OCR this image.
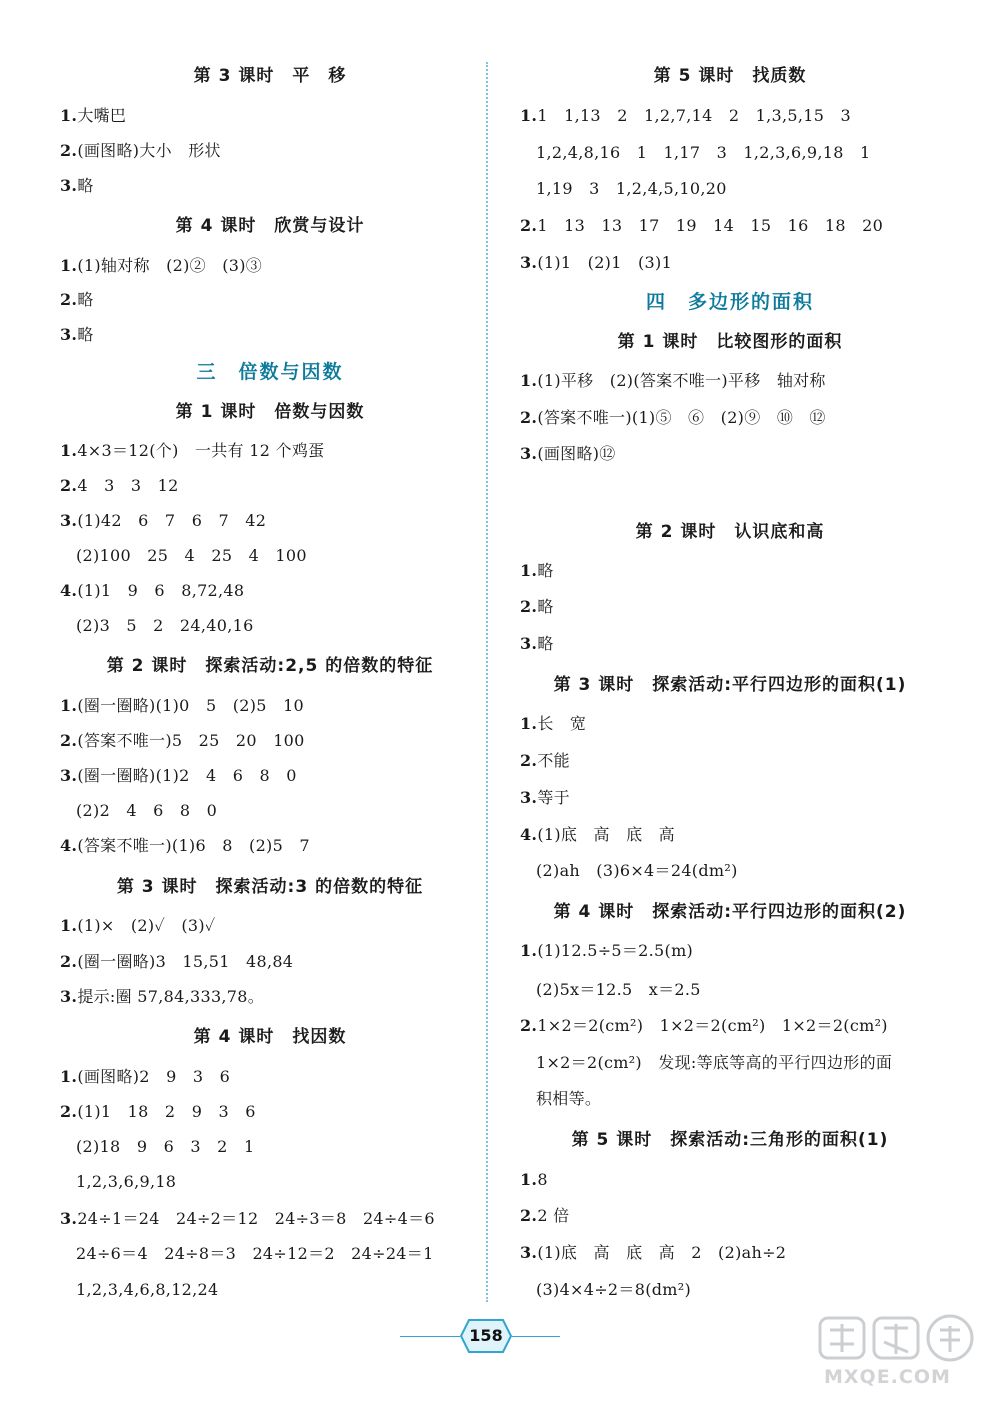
第 3 课时　平　移
1.大嘴巴
2.(画图略)大小　形状
3.略
第 4 课时　欣赏与设计
1.(1)轴对称　(2)②　(3)③
2.略
3.略
三　倍数与因数
第 1 课时　倍数与因数
1.4×3＝12(个)　一共有 12 个鸡蛋
2.4　3　3　12
3.(1)42　6　7　6　7　42
(2)100　25　4　25　4　100
4.(1)1　9　6　8,72,48
(2)3　5　2　24,40,16
第 2 课时　探索活动:2,5 的倍数的特征
1.(圈一圈略)(1)0　5　(2)5　10
2.(答案不唯一)5　25　20　100
3.(圈一圈略)(1)2　4　6　8　0
(2)2　4　6　8　0
4.(答案不唯一)(1)6　8　(2)5　7
第 3 课时　探索活动:3 的倍数的特征
1.(1)×　(2)✓　(3)✓
2.(圈一圈略)3　15,51　48,84
3.提示:圈 57,84,333,78。
第 4 课时　找因数
1.(画图略)2　9　3　6
2.(1)1　18　2　9　3　6
(2)18　9　6　3　2　1
1,2,3,6,9,18
3.24÷1＝24　24÷2＝12　24÷3＝8　24÷4＝6
24÷6＝4　24÷8＝3　24÷12＝2　24÷24＝1
1,2,3,4,6,8,12,24
第 5 课时　找质数
1.1　1,13　2　1,2,7,14　2　1,3,5,15　3
1,2,4,8,16　1　1,17　3　1,2,3,6,9,18　1
1,19　3　1,2,4,5,10,20
2.1　13　13　17　19　14　15　16　18　20
3.(1)1　(2)1　(3)1
四　多边形的面积
第 1 课时　比较图形的面积
1.(1)平移　(2)(答案不唯一)平移　轴对称
2.(答案不唯一)(1)⑤　⑥　(2)⑨　⑩　⑫
3.(画图略)⑫
第 2 课时　认识底和高
1.略
2.略
3.略
第 3 课时　探索活动:平行四边形的面积(1)
1.长　宽
2.不能
3.等于
4.(1)底　高　底　高
(2)ah　(3)6×4＝24(dm²)
第 4 课时　探索活动:平行四边形的面积(2)
1.(1)12.5÷5＝2.5(m)
(2)5x＝12.5　x＝2.5
2.1×2＝2(cm²)　1×2＝2(cm²)　1×2＝2(cm²)
1×2＝2(cm²)　发现:等底等高的平行四边形的面
积相等。
第 5 课时　探索活动:三角形的面积(1)
1.8
2.2 倍
3.(1)底　高　底　高　2　(2)ah÷2
(3)4×4÷2＝8(dm²)
158
MXQE.COM
